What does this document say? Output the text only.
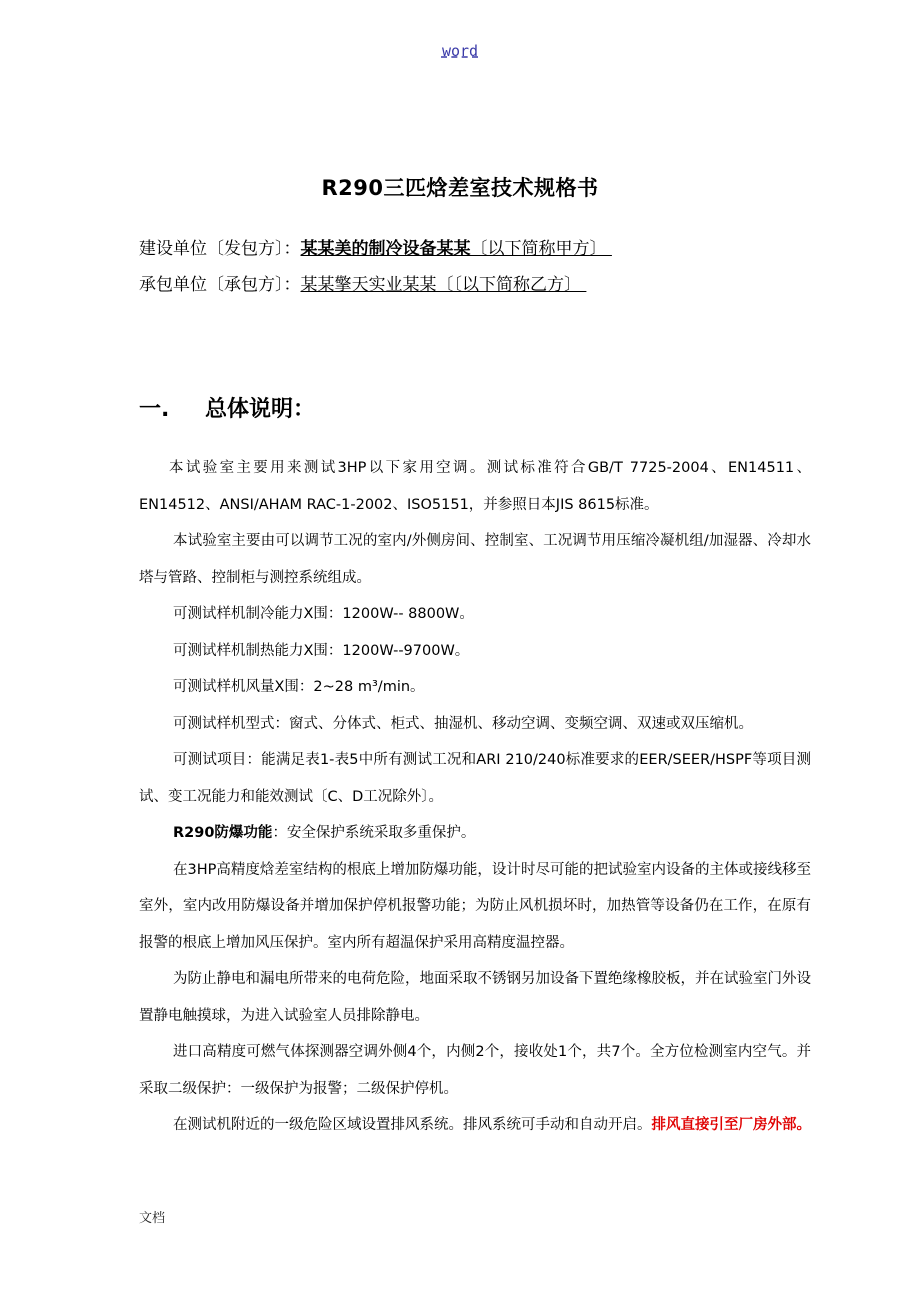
word
R290三匹焓差室技术规格书
建设单位〔发包方〕：某某美的制冷设备某某〔以下简称甲方〕
承包单位〔承包方〕：某某擎天实业某某〔〔以下简称乙方〕
一. 总体说明：

本试验室主要用来测试3HP以下家用空调。测试标准符合GB/T 7725-2004、EN14511、EN14512、ANSI/AHAM RAC-1-2002、ISO5151，并参照日本JIS 8615标准。

本试验室主要由可以调节工况的室内/外侧房间、控制室、工况调节用压缩冷凝机组/加湿器、冷却水塔与管路、控制柜与测控系统组成。

可测试样机制冷能力X围：1200W-- 8800W。

可测试样机制热能力X围：1200W--9700W。

可测试样机风量X围：2~28 m³/min。

可测试样机型式：窗式、分体式、柜式、抽湿机、移动空调、变频空调、双速或双压缩机。

可测试项目：能满足表1-表5中所有测试工况和ARI 210/240标准要求的EER/SEER/HSPF等项目测试、变工况能力和能效测试〔C、D工况除外〕。

R290防爆功能：安全保护系统采取多重保护。

在3HP高精度焓差室结构的根底上增加防爆功能，设计时尽可能的把试验室内设备的主体或接线移至室外，室内改用防爆设备并增加保护停机报警功能；为防止风机损坏时，加热管等设备仍在工作，在原有报警的根底上增加风压保护。室内所有超温保护采用高精度温控器。

为防止静电和漏电所带来的电荷危险，地面采取不锈钢另加设备下置绝缘橡胶板，并在试验室门外设置静电触摸球，为进入试验室人员排除静电。

进口高精度可燃气体探测器空调外侧4个，内侧2个，接收处1个，共7个。全方位检测室内空气。并采取二级保护：一级保护为报警；二级保护停机。

在测试机附近的一级危险区域设置排风系统。排风系统可手动和自动开启。排风直接引至厂房外部。

文档
